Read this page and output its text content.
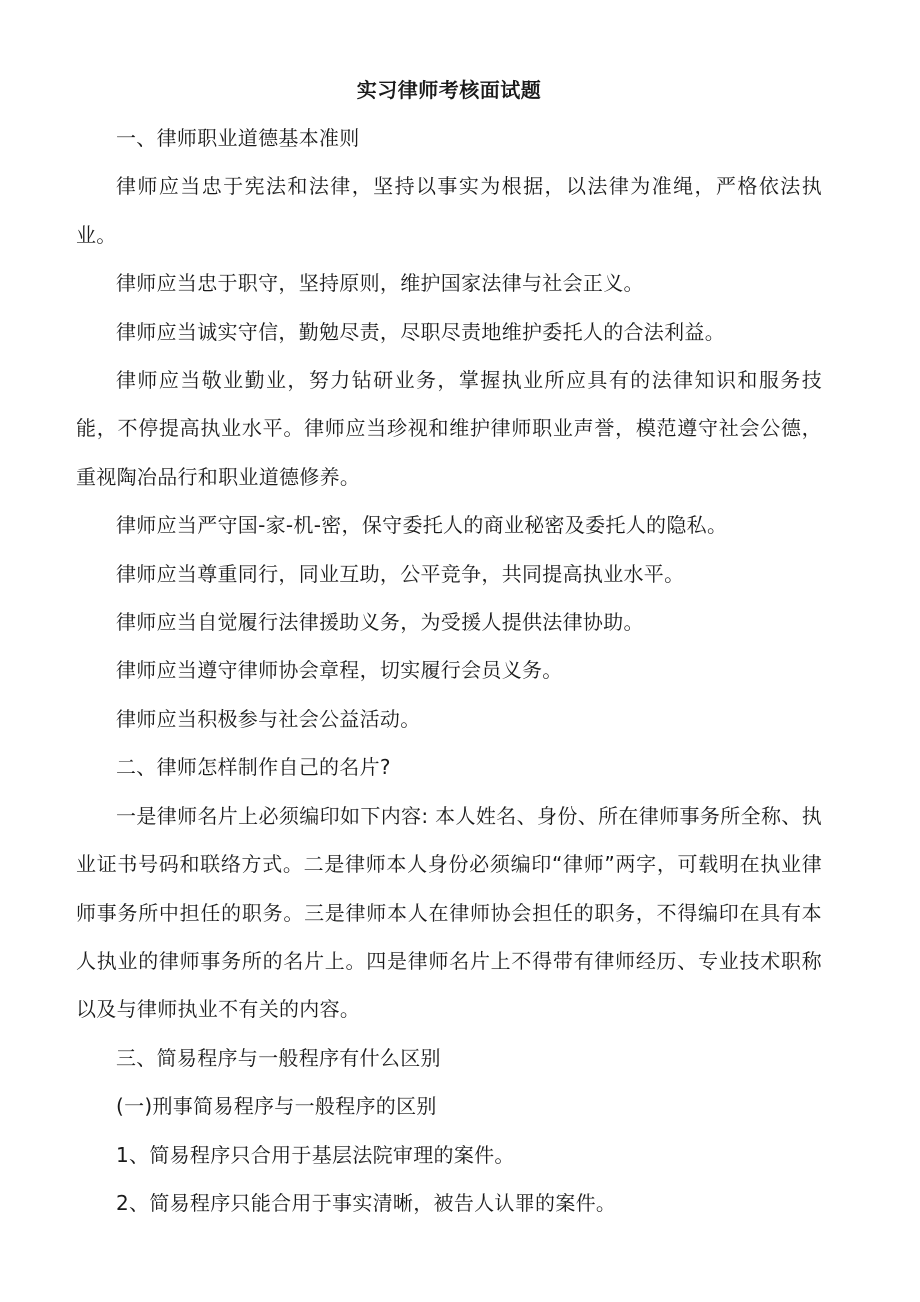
实习律师考核面试题

一、律师职业道德基本准则

律师应当忠于宪法和法律，坚持以事实为根据，以法律为准绳，严格依法执业。

律师应当忠于职守，坚持原则，维护国家法律与社会正义。

律师应当诚实守信，勤勉尽责，尽职尽责地维护委托人的合法利益。

律师应当敬业勤业，努力钻研业务，掌握执业所应具有的法律知识和服务技能，不停提高执业水平。律师应当珍视和维护律师职业声誉，模范遵守社会公德，重视陶冶品行和职业道德修养。

律师应当严守国-家-机-密，保守委托人的商业秘密及委托人的隐私。

律师应当尊重同行，同业互助，公平竞争，共同提高执业水平。

律师应当自觉履行法律援助义务，为受援人提供法律协助。

律师应当遵守律师协会章程，切实履行会员义务。

律师应当积极参与社会公益活动。

二、律师怎样制作自己的名片?

一是律师名片上必须编印如下内容: 本人姓名、身份、所在律师事务所全称、执业证书号码和联络方式。二是律师本人身份必须编印“律师”两字，可载明在执业律师事务所中担任的职务。三是律师本人在律师协会担任的职务，不得编印在具有本人执业的律师事务所的名片上。四是律师名片上不得带有律师经历、专业技术职称以及与律师执业不有关的内容。

三、简易程序与一般程序有什么区别

(一)刑事简易程序与一般程序的区别

1、简易程序只合用于基层法院审理的案件。

2、简易程序只能合用于事实清晰，被告人认罪的案件。
